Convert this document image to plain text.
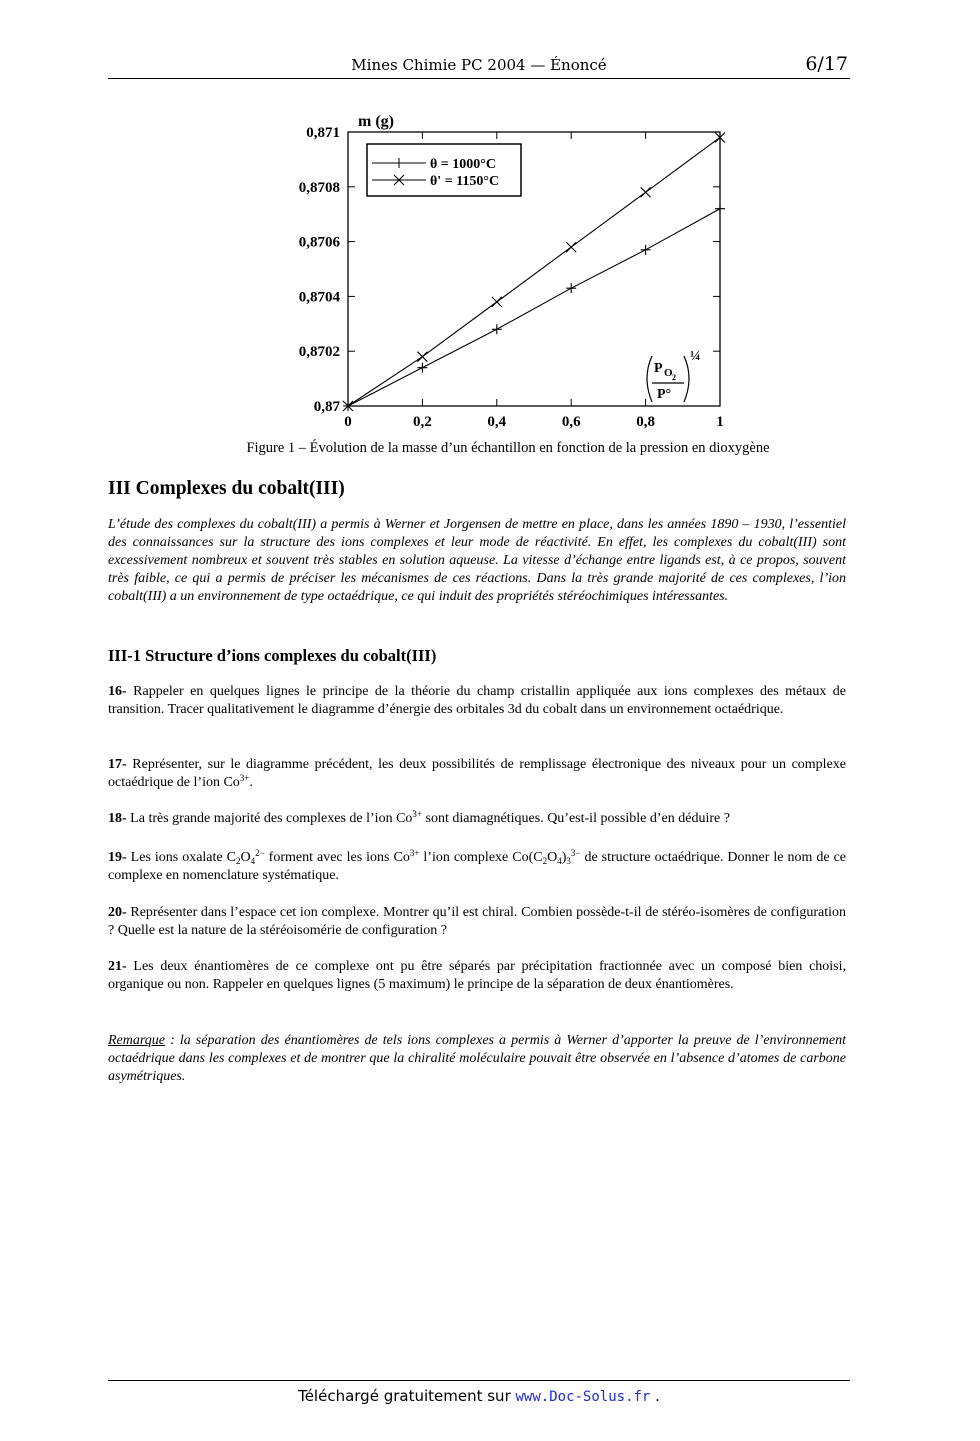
Mines Chimie PC 2004 — Énoncé	6/17
0	0,2	0,4	0,6	0,8	1
0,87
0,8702
0,8704
0,8706
0,8708
0,871
m (g)
θ = 1000°C
θ' = 1150°C
P O 2
P°
¼
Figure 1 – Évolution de la masse d’un échantillon en fonction de la pression en dioxygène
III Complexes du cobalt(III)

L’étude des complexes du cobalt(III) a permis à Werner et Jorgensen de mettre en place, dans les années 1890 – 1930, l’essentiel des connaissances sur la structure des ions complexes et leur mode de réactivité. En effet, les complexes du cobalt(III) sont excessivement nombreux et souvent très stables en solution aqueuse. La vitesse d’échange entre ligands est, à ce propos, souvent très faible, ce qui a permis de préciser les mécanismes de ces réactions. Dans la très grande majorité de ces complexes, l’ion cobalt(III) a un environnement de type octaédrique, ce qui induit des propriétés stéréochimiques intéressantes.

III-1 Structure d’ions complexes du cobalt(III)

16- Rappeler en quelques lignes le principe de la théorie du champ cristallin appliquée aux ions complexes des métaux de transition. Tracer qualitativement le diagramme d’énergie des orbitales 3d du cobalt dans un environnement octaédrique.

17- Représenter, sur le diagramme précédent, les deux possibilités de remplissage électronique des niveaux pour un complexe octaédrique de l’ion $Co^{3+}$.

18- La très grande majorité des complexes de l’ion $Co^{3+}$ sont diamagnétiques. Qu’est-il possible d’en déduire ?

19- Les ions oxalate $C_2O_4^{2-}$ forment avec les ions $Co^{3+}$ l’ion complexe $Co(C_2O_4)_3^{3-}$ de structure octaédrique. Donner le nom de ce complexe en nomenclature systématique.

20- Représenter dans l’espace cet ion complexe. Montrer qu’il est chiral. Combien possède-t-il de stéréo-isomères de configuration ? Quelle est la nature de la stéréoisomérie de configuration ?

21- Les deux énantiomères de ce complexe ont pu être séparés par précipitation fractionnée avec un composé bien choisi, organique ou non. Rappeler en quelques lignes (5 maximum) le principe de la séparation de deux énantiomères.

Remarque : la séparation des énantiomères de tels ions complexes a permis à Werner d’apporter la preuve de l’environnement octaédrique dans les complexes et de montrer que la chiralité moléculaire pouvait être observée en l’absence d’atomes de carbone asymétriques.

Téléchargé gratuitement sur www.Doc-Solus.fr .
